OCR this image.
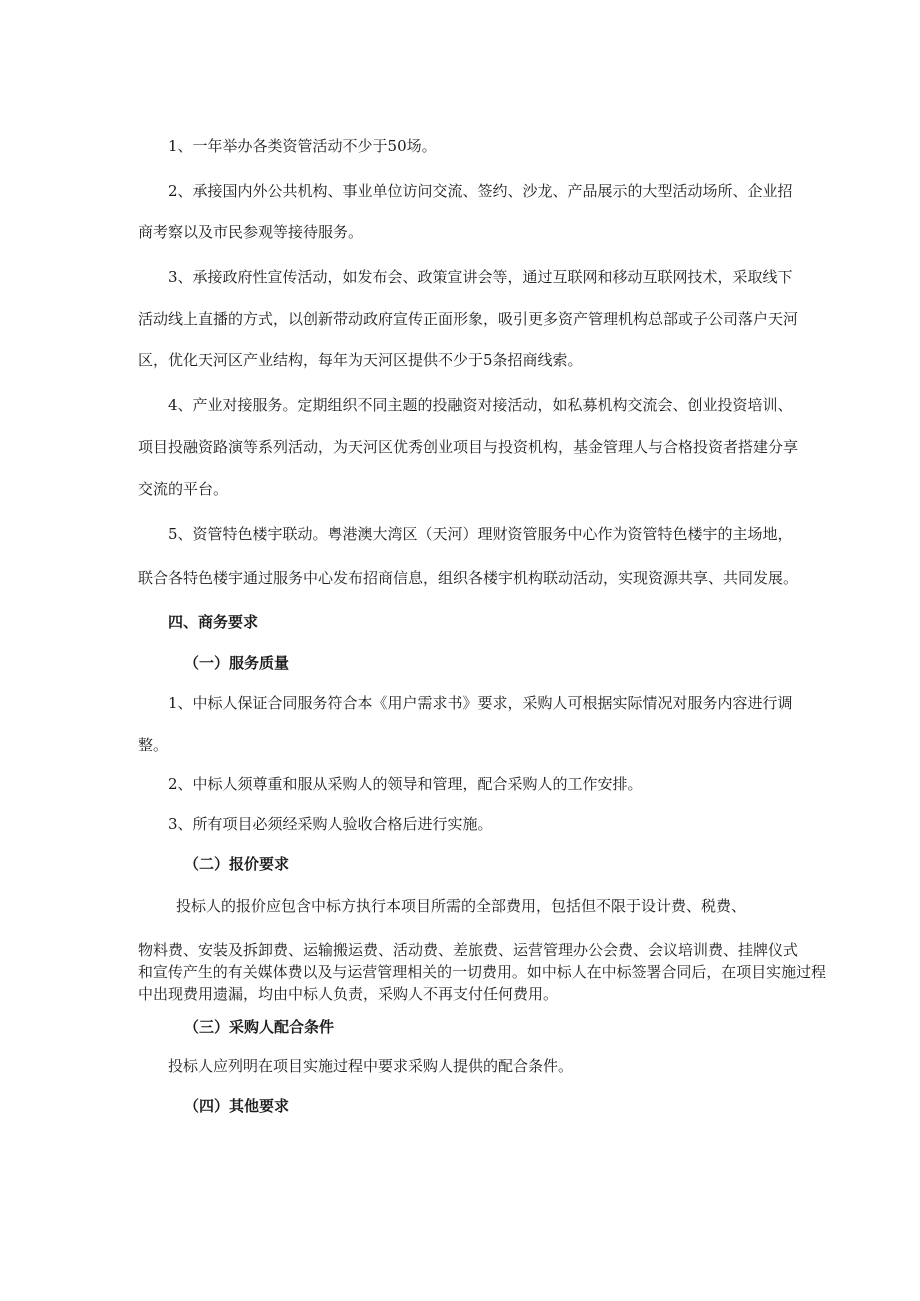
1、一年举办各类资管活动不少于50场。
2、承接国内外公共机构、事业单位访问交流、签约、沙龙、产品展示的大型活动场所、企业招
商考察以及市民参观等接待服务。
3、承接政府性宣传活动，如发布会、政策宣讲会等，通过互联网和移动互联网技术，采取线下
活动线上直播的方式，以创新带动政府宣传正面形象，吸引更多资产管理机构总部或子公司落户天河
区，优化天河区产业结构，每年为天河区提供不少于5条招商线索。
4、产业对接服务。定期组织不同主题的投融资对接活动，如私募机构交流会、创业投资培训、
项目投融资路演等系列活动，为天河区优秀创业项目与投资机构，基金管理人与合格投资者搭建分享
交流的平台。
5、资管特色楼宇联动。粤港澳大湾区（天河）理财资管服务中心作为资管特色楼宇的主场地，
联合各特色楼宇通过服务中心发布招商信息，组织各楼宇机构联动活动，实现资源共享、共同发展。
四、商务要求
（一）服务质量
1、中标人保证合同服务符合本《用户需求书》要求，采购人可根据实际情况对服务内容进行调
整。
2、中标人须尊重和服从采购人的领导和管理，配合采购人的工作安排。
3、所有项目必须经采购人验收合格后进行实施。
（二）报价要求
投标人的报价应包含中标方执行本项目所需的全部费用，包括但不限于设计费、税费、
物料费、安装及拆卸费、运输搬运费、活动费、差旅费、运营管理办公会费、会议培训费、挂牌仪式
和宣传产生的有关媒体费以及与运营管理相关的一切费用。如中标人在中标签署合同后，在项目实施过程
中出现费用遗漏，均由中标人负责，采购人不再支付任何费用。
（三）采购人配合条件
投标人应列明在项目实施过程中要求采购人提供的配合条件。
（四）其他要求
